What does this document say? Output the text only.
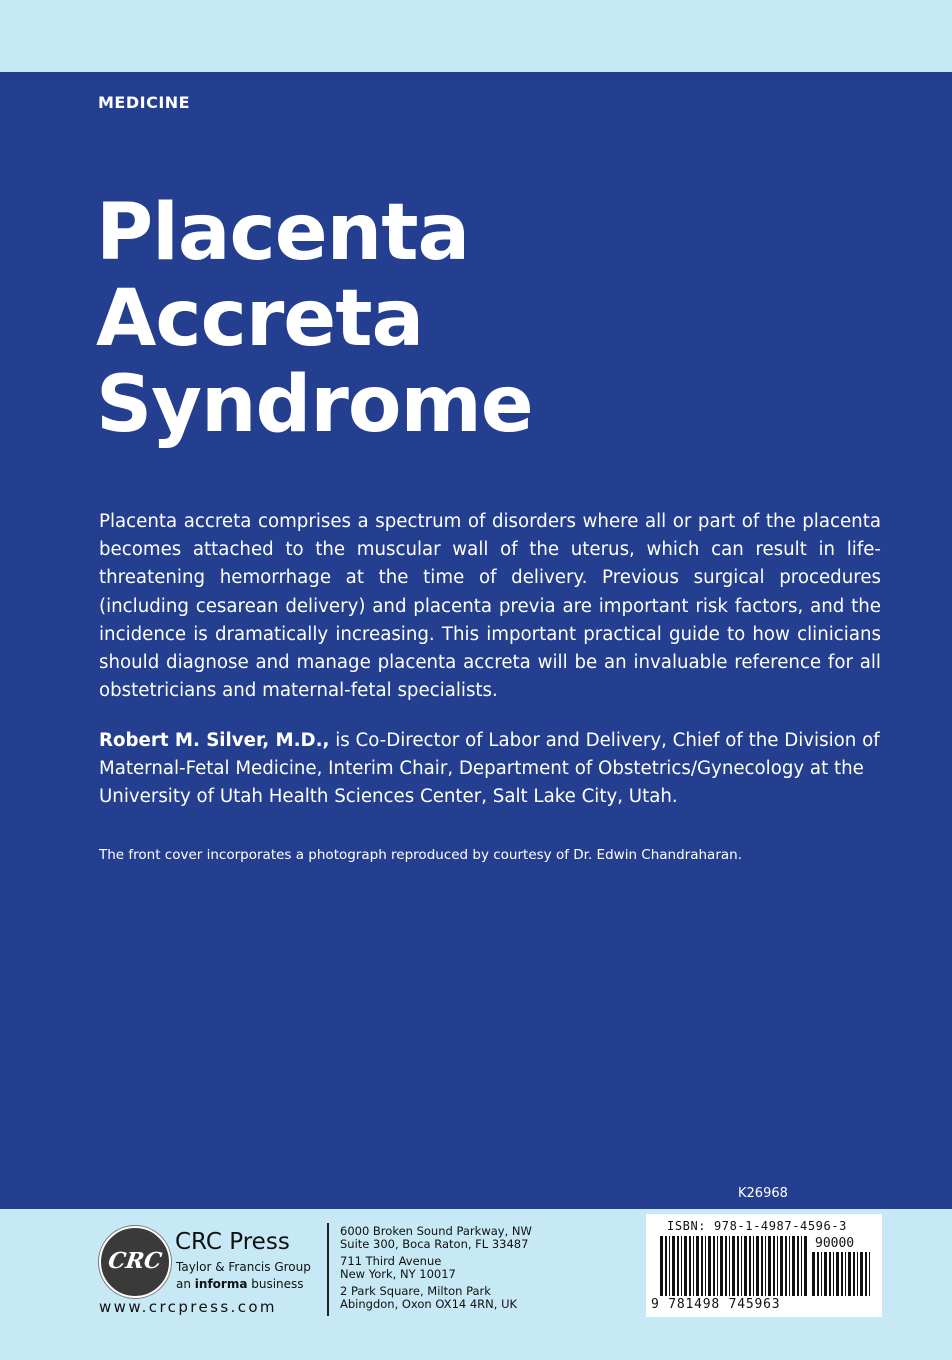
MEDICINE
Placenta
Accreta
Syndrome
Placenta accreta comprises a spectrum of disorders where all or part of the placenta becomes attached to the muscular wall of the uterus, which can result in life-threatening hemorrhage at the time of delivery. Previous surgical procedures (including cesarean delivery) and placenta previa are important risk factors, and the incidence is dramatically increasing. This important practical guide to how clinicians should diagnose and manage placenta accreta will be an invaluable reference for all obstetricians and maternal-fetal specialists.
Robert M. Silver, M.D., is Co-Director of Labor and Delivery, Chief of the Division of Maternal-Fetal Medicine, Interim Chair, Department of Obstetrics/Gynecology at the University of Utah Health Sciences Center, Salt Lake City, Utah.
The front cover incorporates a photograph reproduced by courtesy of Dr. Edwin Chandraharan.
K26968
CRC
CRC Press
Taylor & Francis Group
an informa business
www.crcpress.com
6000 Broken Sound Parkway, NW
Suite 300, Boca Raton, FL 33487
711 Third Avenue
New York, NY 10017
2 Park Square, Milton Park
Abingdon, Oxon OX14 4RN, UK
ISBN: 978-1-4987-4596-3
90000
9 781498 745963
